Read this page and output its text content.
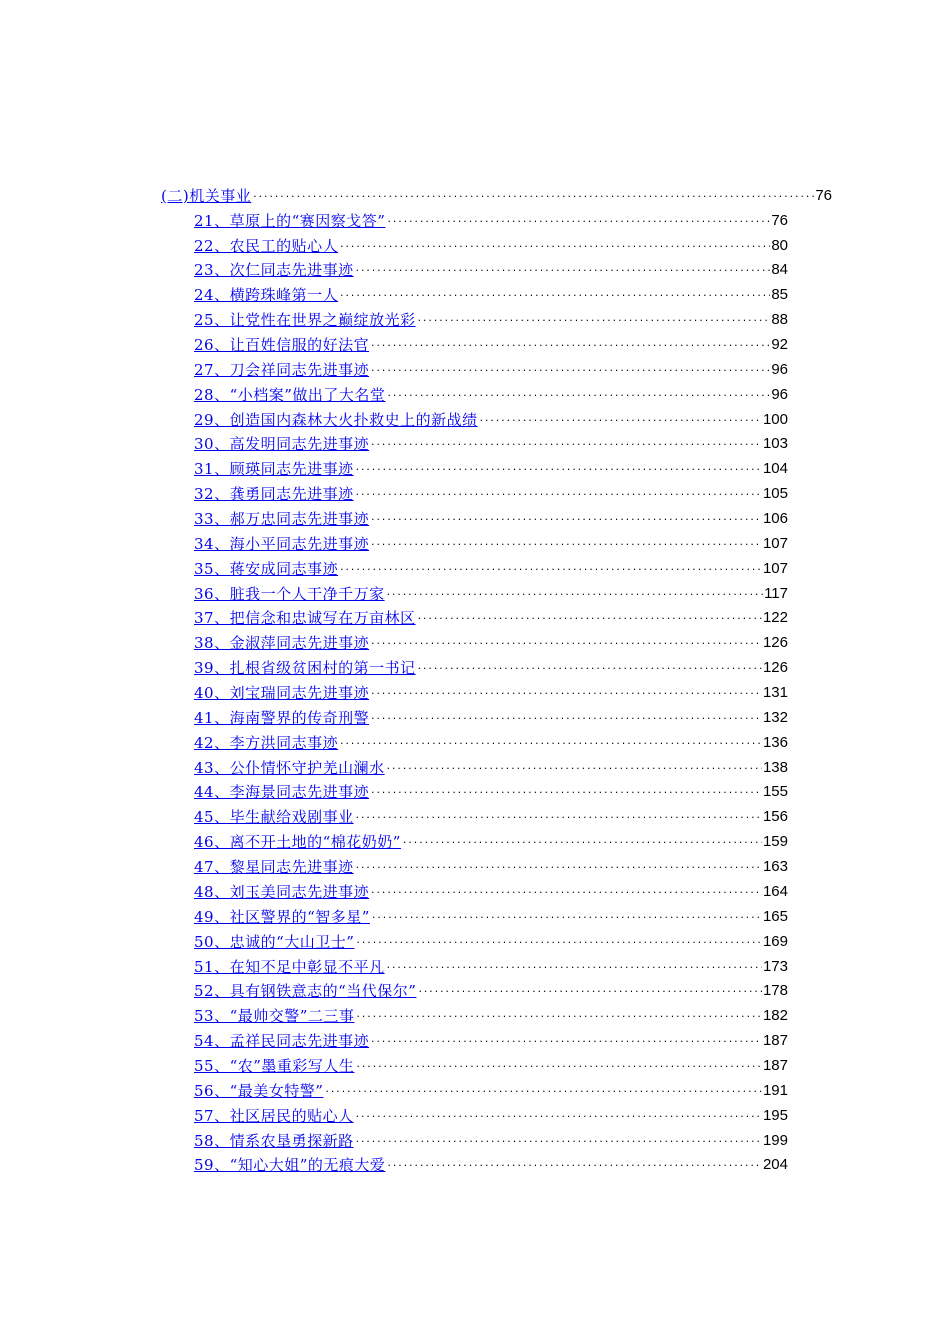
(二)机关事业 .....	76
21、草原上的“赛因察戈答” .....	76
22、农民工的贴心人 .....	80
23、次仁同志先进事迹 .....	84
24、横跨珠峰第一人 .....	85
25、让党性在世界之巅绽放光彩 .....	88
26、让百姓信服的好法官 .....	92
27、刀会祥同志先进事迹 .....	96
28、“小档案”做出了大名堂 .....	96
29、创造国内森林大火扑救史上的新战绩 .....	100
30、高发明同志先进事迹 .....	103
31、顾瑛同志先进事迹 .....	104
32、龚勇同志先进事迹 .....	105
33、郝万忠同志先进事迹 .....	106
34、海小平同志先进事迹 .....	107
35、蒋安成同志事迹 .....	107
36、脏我一个人干净千万家 .....	117
37、把信念和忠诚写在万亩林区 .....	122
38、金淑萍同志先进事迹 .....	126
39、扎根省级贫困村的第一书记 .....	126
40、刘宝瑞同志先进事迹 .....	131
41、海南警界的传奇刑警 .....	132
42、李方洪同志事迹 .....	136
43、公仆情怀守护羌山澜水 .....	138
44、李海景同志先进事迹 .....	155
45、毕生献给戏剧事业 .....	156
46、离不开土地的“棉花奶奶” .....	159
47、黎星同志先进事迹 .....	163
48、刘玉美同志先进事迹 .....	164
49、社区警界的“智多星” .....	165
50、忠诚的“大山卫士” .....	169
51、在知不足中彰显不平凡 .....	173
52、具有钢铁意志的“当代保尔” .....	178
53、“最帅交警”二三事 .....	182
54、孟祥民同志先进事迹 .....	187
55、“农”墨重彩写人生 .....	187
56、“最美女特警” .....	191
57、社区居民的贴心人 .....	195
58、情系农垦勇探新路 .....	199
59、“知心大姐”的无痕大爱 .....	204
